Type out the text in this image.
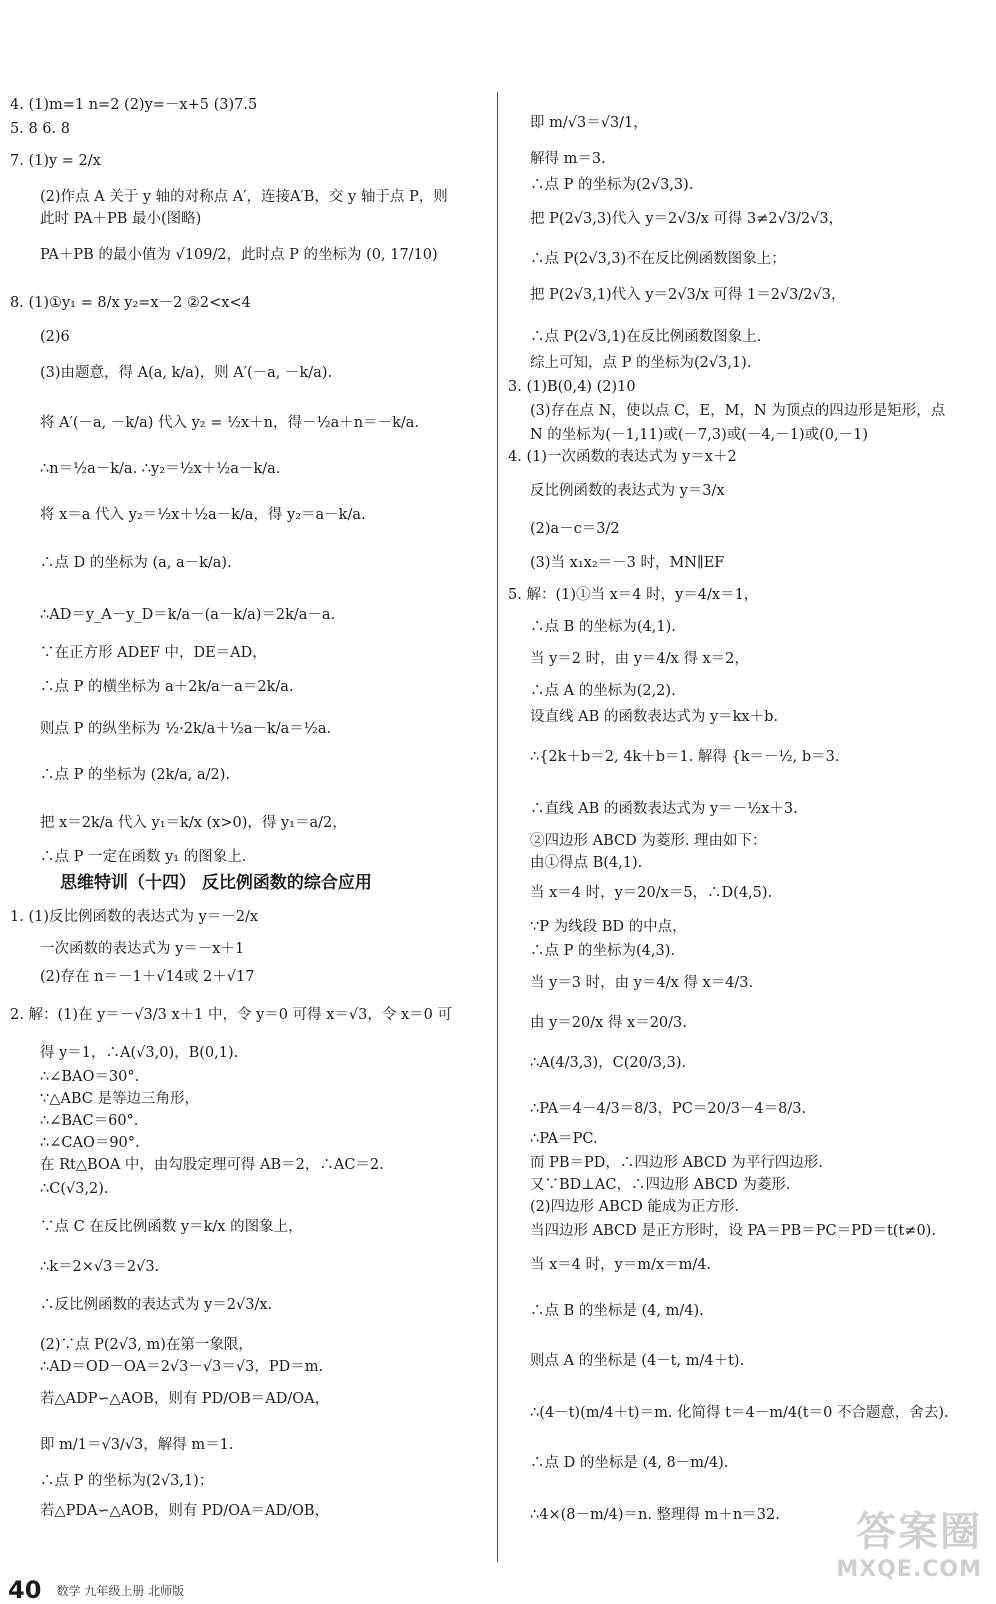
思维特训（十四） 反比例函数的综合应用
4. (1)m=1 n=2 (2)y=－x+5 (3)7.5
5. 8 6. 8
7. (1)y = 2/x
(2)作点 A 关于 y 轴的对称点 A′，连接A′B，交 y 轴于点 P，则
此时 PA＋PB 最小(图略)
PA＋PB 的最小值为 √109/2，此时点 P 的坐标为 (0, 17/10)
8. (1)①y₁ = 8/x y₂=x－2 ②2<x<4
(2)6
(3)由题意，得 A(a, k/a)，则 A′(－a, －k/a).
将 A′(－a, －k/a) 代入 y₂ = ½x＋n，得－½a＋n＝－k/a.
∴n＝½a－k/a. ∴y₂＝½x＋½a－k/a.
将 x＝a 代入 y₂＝½x＋½a－k/a，得 y₂＝a－k/a.
∴点 D 的坐标为 (a, a－k/a).
∴AD＝y_A－y_D＝k/a－(a－k/a)＝2k/a－a.
∵在正方形 ADEF 中，DE＝AD，
∴点 P 的横坐标为 a＋2k/a－a＝2k/a.
则点 P 的纵坐标为 ½·2k/a＋½a－k/a＝½a.
∴点 P 的坐标为 (2k/a, a/2).
把 x＝2k/a 代入 y₁＝k/x (x>0)，得 y₁＝a/2，
∴点 P 一定在函数 y₁ 的图象上.
1. (1)反比例函数的表达式为 y＝－2/x
一次函数的表达式为 y＝－x＋1
(2)存在 n＝－1＋√14或 2＋√17
2. 解：(1)在 y＝－√3/3 x＋1 中，令 y＝0 可得 x＝√3，令 x＝0 可
得 y＝1，∴A(√3,0)，B(0,1).
∴∠BAO＝30°.
∵△ABC 是等边三角形，
∴∠BAC＝60°.
∴∠CAO＝90°.
在 Rt△BOA 中，由勾股定理可得 AB＝2，∴AC＝2.
∴C(√3,2).
∵点 C 在反比例函数 y＝k/x 的图象上，
∴k＝2×√3＝2√3.
∴反比例函数的表达式为 y＝2√3/x.
(2)∵点 P(2√3, m)在第一象限，
∴AD＝OD－OA＝2√3－√3＝√3，PD＝m.
若△ADP∽△AOB，则有 PD/OB＝AD/OA，
即 m/1＝√3/√3，解得 m＝1.
∴点 P 的坐标为(2√3,1)；
若△PDA∽△AOB，则有 PD/OA＝AD/OB，
即 m/√3＝√3/1，
解得 m＝3.
∴点 P 的坐标为(2√3,3).
把 P(2√3,3)代入 y＝2√3/x 可得 3≠2√3/2√3，
∴点 P(2√3,3)不在反比例函数图象上；
把 P(2√3,1)代入 y＝2√3/x 可得 1＝2√3/2√3，
∴点 P(2√3,1)在反比例函数图象上.
综上可知，点 P 的坐标为(2√3,1).
3. (1)B(0,4) (2)10
(3)存在点 N，使以点 C，E，M，N 为顶点的四边形是矩形，点
N 的坐标为(－1,11)或(－7,3)或(－4,－1)或(0,－1)
4. (1)一次函数的表达式为 y＝x＋2
反比例函数的表达式为 y＝3/x
(2)a－c＝3/2
(3)当 x₁x₂＝－3 时，MN∥EF
5. 解：(1)①当 x＝4 时，y＝4/x＝1，
∴点 B 的坐标为(4,1).
当 y＝2 时，由 y＝4/x 得 x＝2，
∴点 A 的坐标为(2,2).
设直线 AB 的函数表达式为 y＝kx＋b.
∴{2k＋b＝2, 4k＋b＝1. 解得 {k＝－½, b＝3.
∴直线 AB 的函数表达式为 y＝－½x＋3.
②四边形 ABCD 为菱形. 理由如下：
由①得点 B(4,1).
当 x＝4 时，y＝20/x＝5，∴D(4,5).
∵P 为线段 BD 的中点，
∴点 P 的坐标为(4,3).
当 y＝3 时，由 y＝4/x 得 x＝4/3.
由 y＝20/x 得 x＝20/3.
∴A(4/3,3)，C(20/3,3).
∴PA＝4－4/3＝8/3，PC＝20/3－4＝8/3.
∴PA＝PC.
而 PB＝PD，∴四边形 ABCD 为平行四边形.
又∵BD⊥AC，∴四边形 ABCD 为菱形.
(2)四边形 ABCD 能成为正方形.
当四边形 ABCD 是正方形时，设 PA＝PB＝PC＝PD＝t(t≠0).
当 x＝4 时，y＝m/x＝m/4.
∴点 B 的坐标是 (4, m/4).
则点 A 的坐标是 (4－t, m/4＋t).
∴(4－t)(m/4＋t)＝m. 化简得 t＝4－m/4(t＝0 不合题意，舍去).
∴点 D 的坐标是 (4, 8－m/4).
∴4×(8－m/4)＝n. 整理得 m＋n＝32.
40 数学 九年级上册 北师版
答案圈
MXQE.COM
